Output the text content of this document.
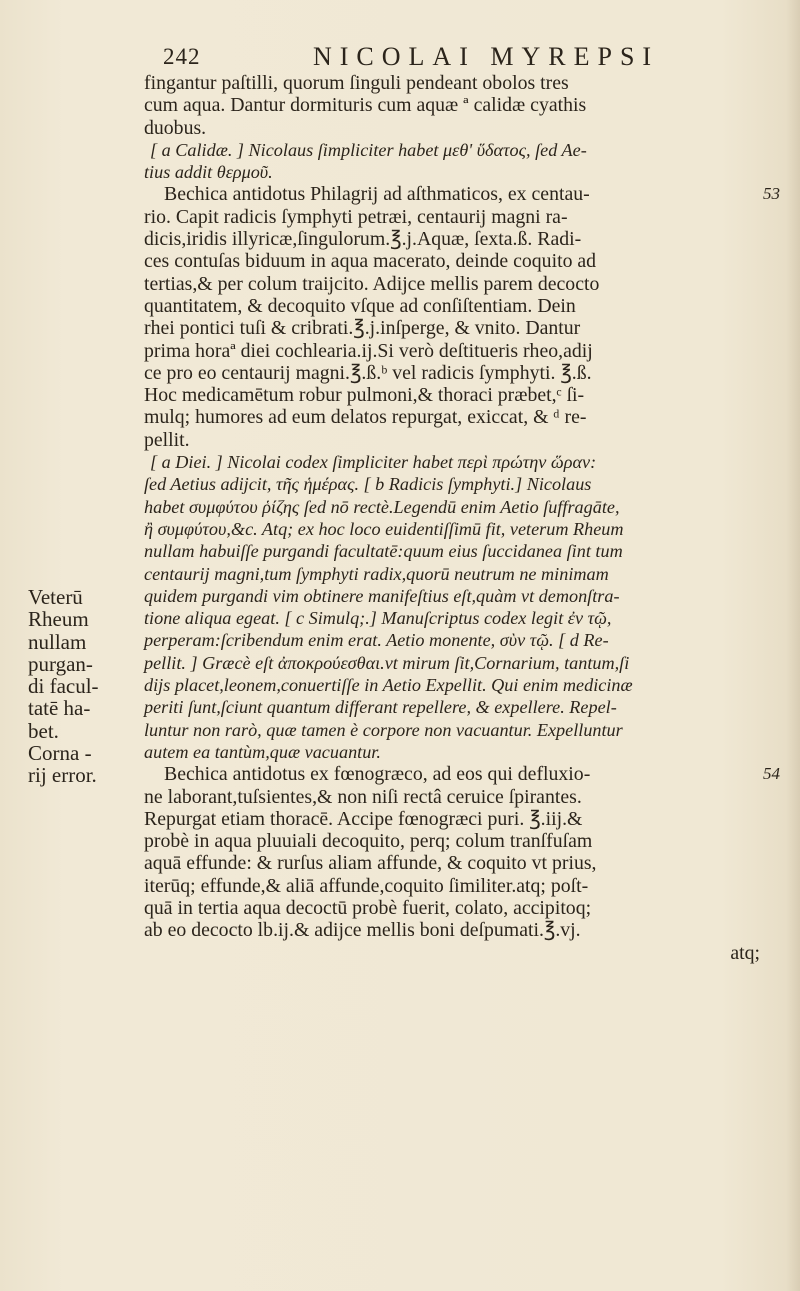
242	NICOLAI MYREPSI
fingantur paſtilli, quorum ſinguli pendeant obolos tres
cum aqua. Dantur dormituris cum aquæ ª calidæ cyathis
duobus.
[ a Calidæ. ] Nicolaus ſimpliciter habet μεθ' ὕδατος, ſed Ae-
tius addit θερμοῦ.
Bechica antidotus Philagrij ad aſthmaticos, ex centau-	53
rio. Capit radicis ſymphyti petræi, centaurij magni ra-
dicis,iridis illyricæ,ſingulorum.℥.j.Aquæ, ſexta.ß. Radi-
ces contuſas biduum in aqua macerato, deinde coquito ad
tertias,& per colum traijcito. Adijce mellis parem decocto
quantitatem, & decoquito vſque ad conſiſtentiam. Dein
rhei pontici tuſi & cribrati.℥.j.inſperge, & vnito. Dantur
prima horaª diei cochlearia.ij.Si verò deſtitueris rheo,adij
ce pro eo centaurij magni.℥.ß.ᵇ vel radicis ſymphyti. ℥.ß.
Hoc medicamētum robur pulmoni,& thoraci præbet,ᶜ ſi-
mulq; humores ad eum delatos repurgat, exiccat, & ᵈ re-
pellit.
[ a Diei. ] Nicolai codex ſimpliciter habet περὶ πρώτην ὥραν:
ſed Aetius adijcit, τῆς ἡμέρας. [ b Radicis ſymphyti.] Nicolaus
habet συμφύτου ῥίζης ſed nō rectè.Legendū enim Aetio ſuffragāte,
ἢ συμφύτου,&c. Atq; ex hoc loco euidentiſſimū fit, veterum Rheum
nullam habuiſſe purgandi facultatē:quum eius ſuccidanea ſint tum
centaurij magni,tum ſymphyti radix,quorū neutrum ne minimam
quidem purgandi vim obtinere manifeſtius eſt,quàm vt demonſtra-
tione aliqua egeat. [ c Simulq;.] Manuſcriptus codex legit ἐν τῷ,
perperam:ſcribendum enim erat. Aetio monente, σὺν τῷ. [ d Re-
pellit. ] Græcè eſt ἀποκρούεσθαι.vt mirum ſit,Cornarium, tantum,ſi
dijs placet,leonem,conuertiſſe in Aetio Expellit. Qui enim medicinæ
periti ſunt,ſciunt quantum differant repellere, & expellere. Repel-
luntur non rarò, quæ tamen è corpore non vacuantur. Expelluntur
autem ea tantùm,quæ vacuantur.
Bechica antidotus ex fœnogræco, ad eos qui defluxio-	54
ne laborant,tuſsientes,& non niſi rectâ ceruice ſpirantes.
Repurgat etiam thoracē. Accipe fœnogræci puri. ℥.iij.&
probè in aqua pluuiali decoquito, perq; colum tranſfuſam
aquā effunde: & rurſus aliam affunde, & coquito vt prius,
iterūq; effunde,& aliā affunde,coquito ſimiliter.atq; poſt-
quā in tertia aqua decoctū probè fuerit, colato, accipitoq;
ab eo decocto lb.ij.& adijce mellis boni deſpumati.℥.vj.
atq;
Veterū
Rheum
nullam
purgan-
di facul-
tatē ha-
bet.
Corna -
rij error.
